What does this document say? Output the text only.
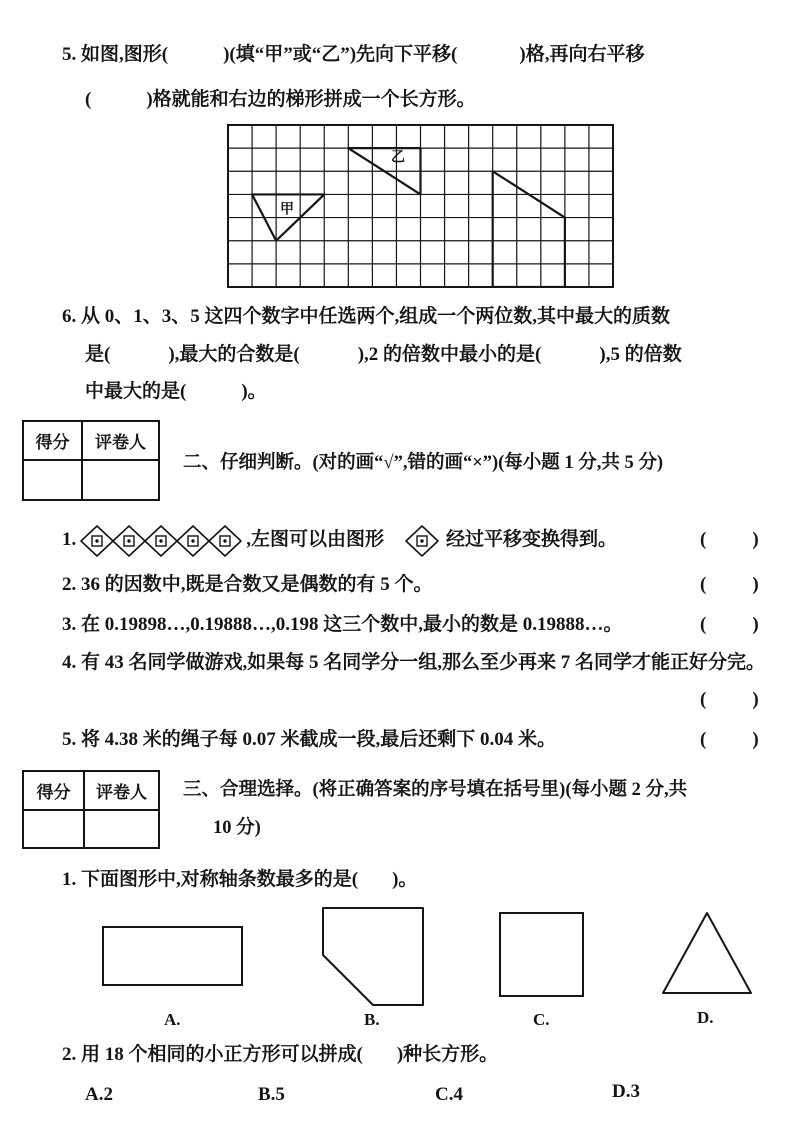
5. 如图,图形(	)(填“甲”或“乙”)先向下平移(	)格,再向右平移
(	)格就能和右边的梯形拼成一个长方形。
甲
乙
6. 从 0、1、3、5 这四个数字中任选两个,组成一个两位数,其中最大的质数
是(	),最大的合数是(	),2 的倍数中最小的是(	),5 的倍数
中最大的是(	)。
得分	评卷人
二、仔细判断。(对的画“√”,错的画“×”)(每小题 1 分,共 5 分)
1.	,左图可以由图形	经过平移变换得到。	( )
2. 36 的因数中,既是合数又是偶数的有 5 个。	( )
3. 在 0.19898…,0.19888…,0.198 这三个数中,最小的数是 0.19888…。	( )
4. 有 43 名同学做游戏,如果每 5 名同学分一组,那么至少再来 7 名同学才能正好分完。
( )
5. 将 4.38 米的绳子每 0.07 米截成一段,最后还剩下 0.04 米。	( )
得分	评卷人	三、合理选择。(将正确答案的序号填在括号里)(每小题 2 分,共
10 分)
1. 下面图形中,对称轴条数最多的是( )。
A.	B.	C.	D.
2. 用 18 个相同的小正方形可以拼成( )种长方形。
A.2	B.5	C.4	D.3
